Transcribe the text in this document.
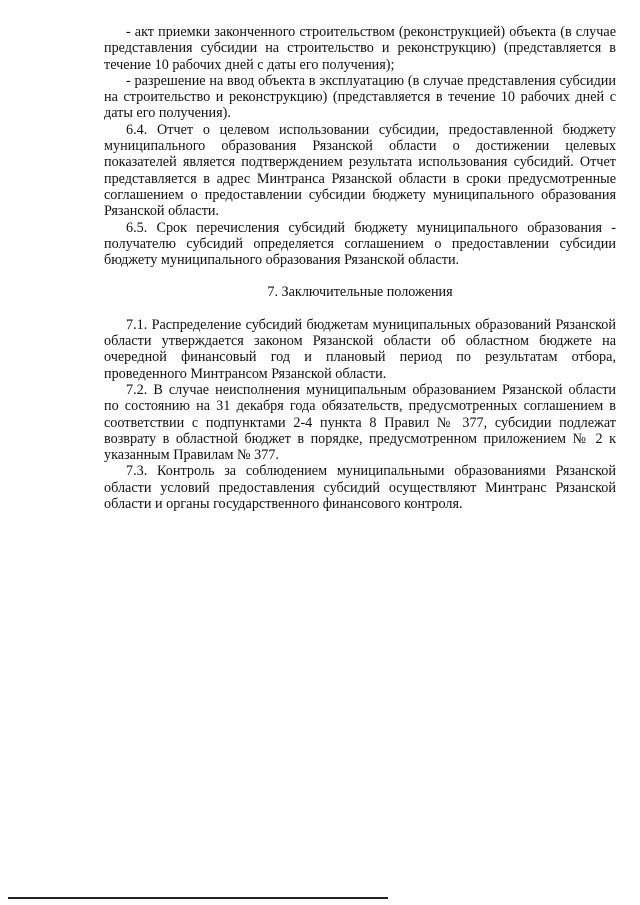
- акт приемки законченного строительством (реконструкцией) объекта (в случае представления субсидии на строительство и реконструкцию) (представляется в течение 10 рабочих дней с даты его получения);

- разрешение на ввод объекта в эксплуатацию (в случае представления субсидии на строительство и реконструкцию) (представляется в течение 10 рабочих дней с даты его получения).

6.4. Отчет о целевом использовании субсидии, предоставленной бюджету муниципального образования Рязанской области о достижении целевых показателей является подтверждением результата использования субсидий. Отчет представляется в адрес Минтранса Рязанской области в сроки предусмотренные соглашением о предоставлении субсидии бюджету муниципального образования Рязанской области.

6.5. Срок перечисления субсидий бюджету муниципального образования - получателю субсидий определяется соглашением о предоставлении субсидии бюджету муниципального образования Рязанской области.

7. Заключительные положения

7.1. Распределение субсидий бюджетам муниципальных образований Рязанской области утверждается законом Рязанской области об областном бюджете на очередной финансовый год и плановый период по результатам отбора, проведенного Минтрансом Рязанской области.

7.2. В случае неисполнения муниципальным образованием Рязанской области по состоянию на 31 декабря года обязательств, предусмотренных соглашением в соответствии с подпунктами 2-4 пункта 8 Правил № 377, субсидии подлежат возврату в областной бюджет в порядке, предусмотренном приложением № 2 к указанным Правилам № 377.

7.3. Контроль за соблюдением муниципальными образованиями Рязанской области условий предоставления субсидий осуществляют Минтранс Рязанской области и органы государственного финансового контроля.
